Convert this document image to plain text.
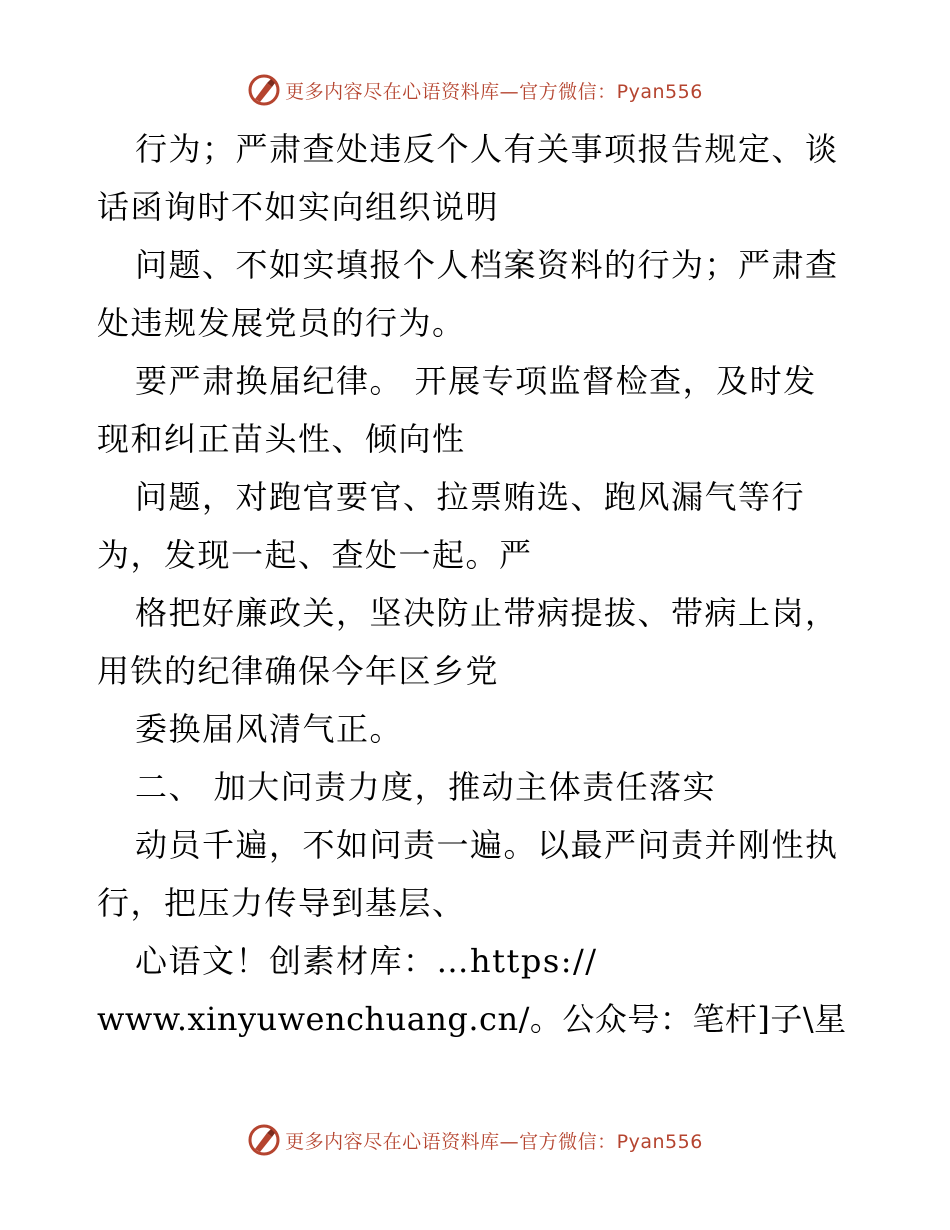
更多内容尽在心语资料库—官方微信：Pyan556
行为；严肃查处违反个人有关事项报告规定、谈
话函询时不如实向组织说明
问题、不如实填报个人档案资料的行为；严肃查
处违规发展党员的行为。
要严肃换届纪律。 开展专项监督检查，及时发
现和纠正苗头性、倾向性
问题，对跑官要官、拉票贿选、跑风漏气等行
为，发现一起、查处一起。严
格把好廉政关，坚决防止带病提拔、带病上岗，
用铁的纪律确保今年区乡党
委换届风清气正。
二、 加大问责力度，推动主体责任落实
动员千遍，不如问责一遍。以最严问责并刚性执
行，把压力传导到基层、
心语文！创素材库：…https://
www.xinyuwenchuang.cn/。公众号：笔杆]子\星
更多内容尽在心语资料库—官方微信：Pyan556
